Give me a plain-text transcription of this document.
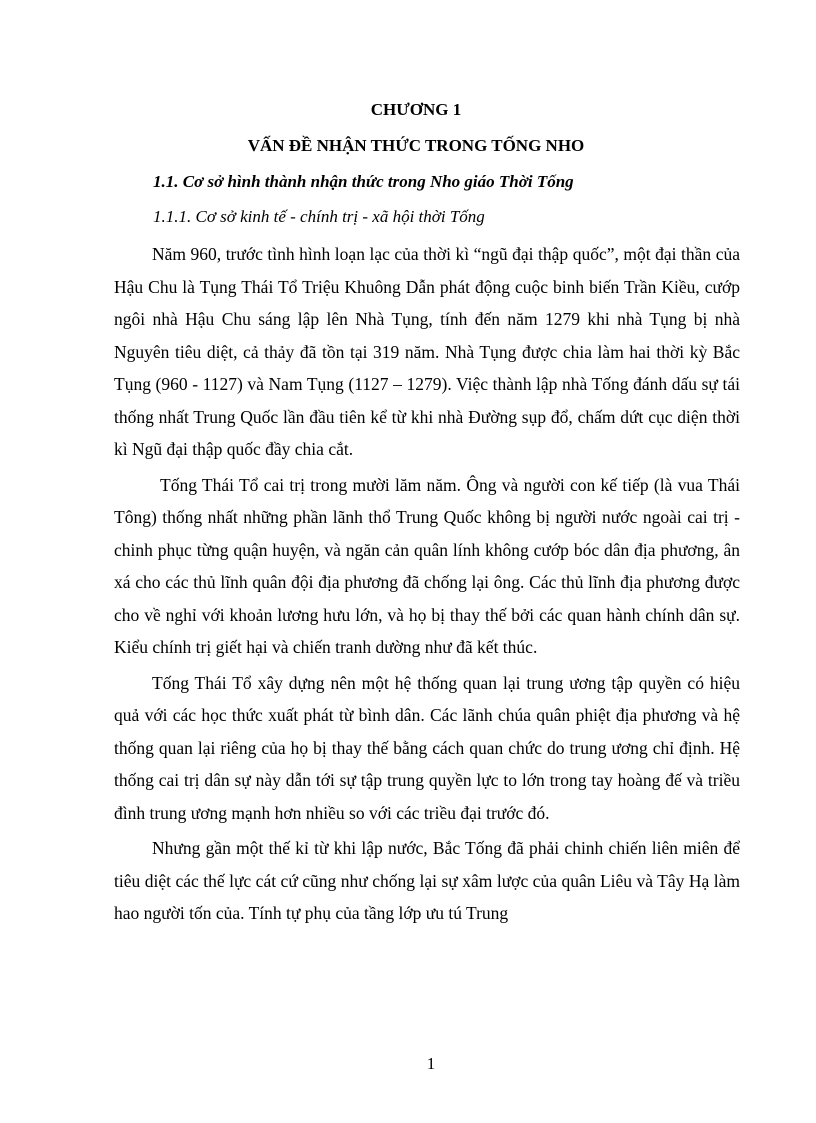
CHƯƠNG 1
VẤN ĐỀ NHẬN THỨC TRONG TỐNG NHO
1.1. Cơ sở hình thành nhận thức trong Nho giáo Thời Tống
1.1.1. Cơ sở kinh tế - chính trị - xã hội thời Tống

Năm 960, trước tình hình loạn lạc của thời kì “ngũ đại thập quốc”, một đại thần của Hậu Chu là Tụng Thái Tổ Triệu Khuông Dẫn phát động cuộc binh biến Trần Kiều, cướp ngôi nhà Hậu Chu sáng lập lên Nhà Tụng, tính đến năm 1279 khi nhà Tụng bị nhà Nguyên tiêu diệt, cả thảy đã tồn tại 319 năm. Nhà Tụng được chia làm hai thời kỳ Bắc Tụng (960 - 1127) và Nam Tụng (1127 – 1279). Việc thành lập nhà Tống đánh dấu sự tái thống nhất Trung Quốc lần đầu tiên kể từ khi nhà Đường sụp đổ, chấm dứt cục diện thời kì Ngũ đại thập quốc đầy chia cắt.

Tống Thái Tổ cai trị trong mười lăm năm. Ông và người con kế tiếp (là vua Thái Tông) thống nhất những phần lãnh thổ Trung Quốc không bị người nước ngoài cai trị - chinh phục từng quận huyện, và ngăn cản quân lính không cướp bóc dân địa phương, ân xá cho các thủ lĩnh quân đội địa phương đã chống lại ông. Các thủ lĩnh địa phương được cho về nghỉ với khoản lương hưu lớn, và họ bị thay thế bởi các quan hành chính dân sự. Kiểu chính trị giết hại và chiến tranh dường như đã kết thúc.

Tống Thái Tổ xây dựng nên một hệ thống quan lại trung ương tập quyền có hiệu quả với các học thức xuất phát từ bình dân. Các lãnh chúa quân phiệt địa phương và hệ thống quan lại riêng của họ bị thay thế bằng cách quan chức do trung ương chỉ định. Hệ thống cai trị dân sự này dẫn tới sự tập trung quyền lực to lớn trong tay hoàng đế và triều đình trung ương mạnh hơn nhiều so với các triều đại trước đó.

Nhưng gần một thế kỉ từ khi lập nước, Bắc Tống đã phải chinh chiến liên miên để tiêu diệt các thế lực cát cứ cũng như chống lại sự xâm lược của quân Liêu và Tây Hạ làm hao người tốn của. Tính tự phụ của tầng lớp ưu tú Trung

1
